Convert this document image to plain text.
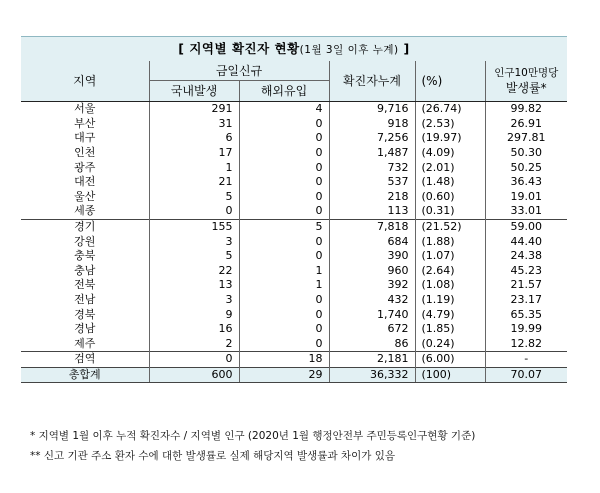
[ 지역별 확진자 현황(1월 3일 이후 누계) ]
지역	금일신규		확진자누계	(%)	인구10만명당
발생률*

	국내발생	해외유입			
서울	291	4	9,716	(26.74)	99.82
부산	31	0	918	(2.53)	26.91
대구	6	0	7,256	(19.97)	297.81
인천	17	0	1,487	(4.09)	50.30
광주	1	0	732	(2.01)	50.25
대전	21	0	537	(1.48)	36.43
울산	5	0	218	(0.60)	19.01
세종	0	0	113	(0.31)	33.01
경기	155	5	7,818	(21.52)	59.00
강원	3	0	684	(1.88)	44.40
충북	5	0	390	(1.07)	24.38
충남	22	1	960	(2.64)	45.23
전북	13	1	392	(1.08)	21.57
전남	3	0	432	(1.19)	23.17
경북	9	0	1,740	(4.79)	65.35
경남	16	0	672	(1.85)	19.99
제주	2	0	86	(0.24)	12.82
검역	0	18	2,181	(6.00)	-
총합계	600	29	36,332	(100)	70.07
* 지역별 1월 이후 누적 확진자수 / 지역별 인구 (2020년 1월 행정안전부 주민등록인구현황 기준)
** 신고 기관 주소 환자 수에 대한 발생률로 실제 해당지역 발생률과 차이가 있음
